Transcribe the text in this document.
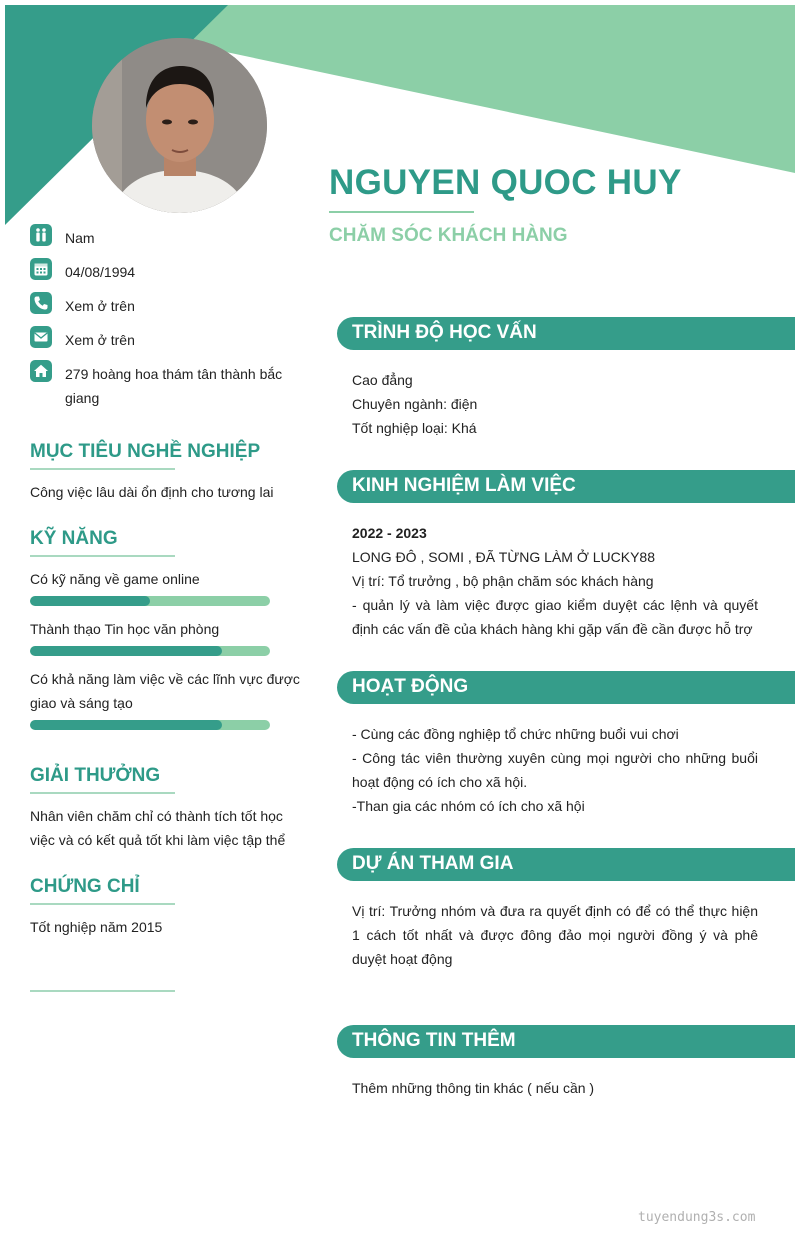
NGUYEN QUOC HUY
CHĂM SÓC KHÁCH HÀNG
Nam
04/08/1994
Xem ở trên
Xem ở trên
279 hoàng hoa thám tân thành bắc giang
MỤC TIÊU NGHỀ NGHIỆP
Công việc lâu dài ổn định cho tương lai
KỸ NĂNG
Có kỹ năng về game online
Thành thạo Tin học văn phòng
Có khả năng làm việc về các lĩnh vực được giao và sáng tạo
GIẢI THƯỞNG
Nhân viên chăm chỉ có thành tích tốt học việc và có kết quả tốt khi làm việc tập thể
CHỨNG CHỈ
Tốt nghiệp năm 2015
TRÌNH ĐỘ HỌC VẤN
Cao đẳng
Chuyên ngành: điện
Tốt nghiệp loại: Khá
KINH NGHIỆM LÀM VIỆC
2022 - 2023
LONG ĐÔ , SOMI , ĐÃ TỪNG LÀM Ở LUCKY88
Vị trí: Tổ trưởng , bộ phận chăm sóc khách hàng
- quản lý và làm việc được giao kiểm duyệt các lệnh và quyết định các vấn đề của khách hàng khi gặp vấn đề cần được hỗ trợ
HOẠT ĐỘNG
- Cùng các đồng nghiệp tổ chức những buổi vui chơi
- Công tác viên thường xuyên cùng mọi người cho những buổi hoạt động có ích cho xã hội.
-Than gia các nhóm có ích cho xã hội
DỰ ÁN THAM GIA
Vị trí: Trưởng nhóm và đưa ra quyết định có để có thể thực hiện 1 cách tốt nhất và được đông đảo mọi người đồng ý và phê duyệt hoạt động
THÔNG TIN THÊM
Thêm những thông tin khác ( nếu cần )
tuyendung3s.com
